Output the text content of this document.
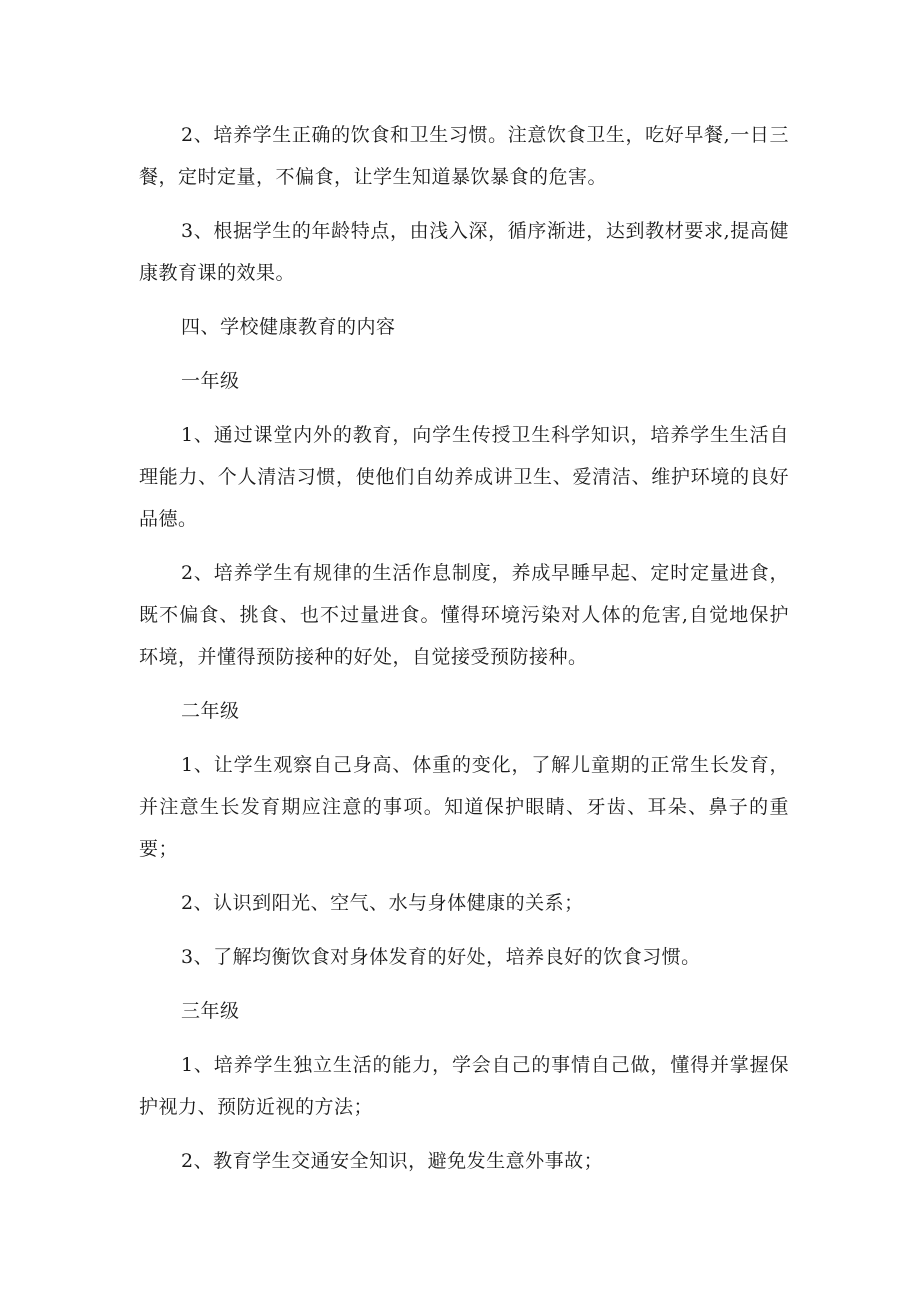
2、培养学生正确的饮食和卫生习惯。注意饮食卫生，吃好早餐,一日三餐，定时定量，不偏食，让学生知道暴饮暴食的危害。

3、根据学生的年龄特点，由浅入深，循序渐进，达到教材要求,提高健康教育课的效果。

四、学校健康教育的内容

一年级

1、通过课堂内外的教育，向学生传授卫生科学知识，培养学生生活自理能力、个人清洁习惯，使他们自幼养成讲卫生、爱清洁、维护环境的良好品德。

2、培养学生有规律的生活作息制度，养成早睡早起、定时定量进食，既不偏食、挑食、也不过量进食。懂得环境污染对人体的危害,自觉地保护环境，并懂得预防接种的好处，自觉接受预防接种。

二年级

1、让学生观察自己身高、体重的变化，了解儿童期的正常生长发育，并注意生长发育期应注意的事项。知道保护眼睛、牙齿、耳朵、鼻子的重要；

2、认识到阳光、空气、水与身体健康的关系；

3、了解均衡饮食对身体发育的好处，培养良好的饮食习惯。

三年级

1、培养学生独立生活的能力，学会自己的事情自己做，懂得并掌握保护视力、预防近视的方法；

2、教育学生交通安全知识，避免发生意外事故；
